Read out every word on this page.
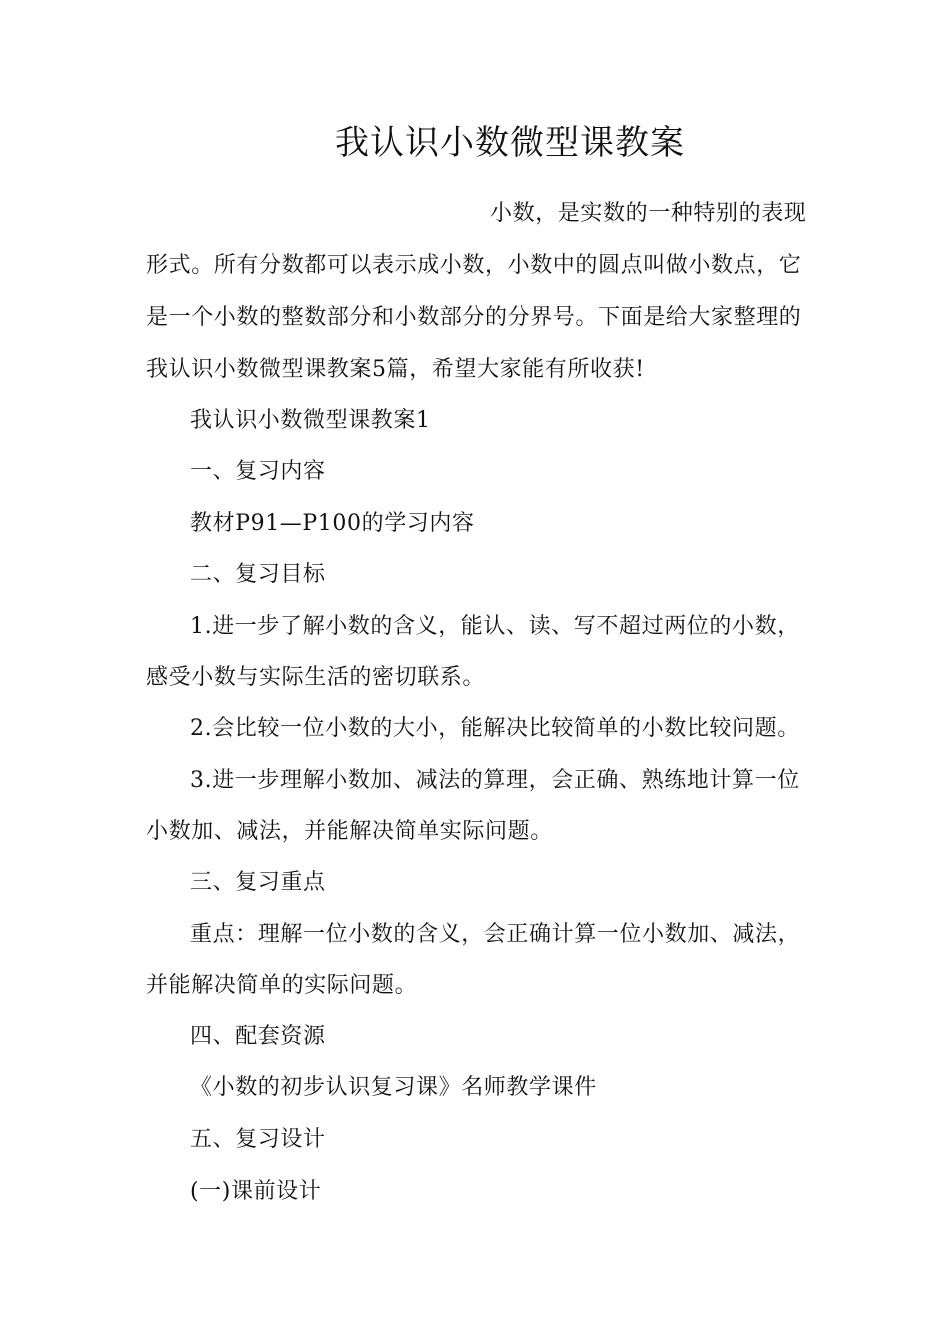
我认识小数微型课教案
小数，是实数的一种特别的表现
形式。所有分数都可以表示成小数，小数中的圆点叫做小数点，它
是一个小数的整数部分和小数部分的分界号。下面是给大家整理的
我认识小数微型课教案5篇，希望大家能有所收获!
我认识小数微型课教案1
一、复习内容
教材P91—P100的学习内容
二、复习目标
1.进一步了解小数的含义，能认、读、写不超过两位的小数，
感受小数与实际生活的密切联系。
2.会比较一位小数的大小，能解决比较简单的小数比较问题。
3.进一步理解小数加、减法的算理，会正确、熟练地计算一位
小数加、减法，并能解决简单实际问题。
三、复习重点
重点：理解一位小数的含义，会正确计算一位小数加、减法，
并能解决简单的实际问题。
四、配套资源
《小数的初步认识复习课》名师教学课件
五、复习设计
(一)课前设计
